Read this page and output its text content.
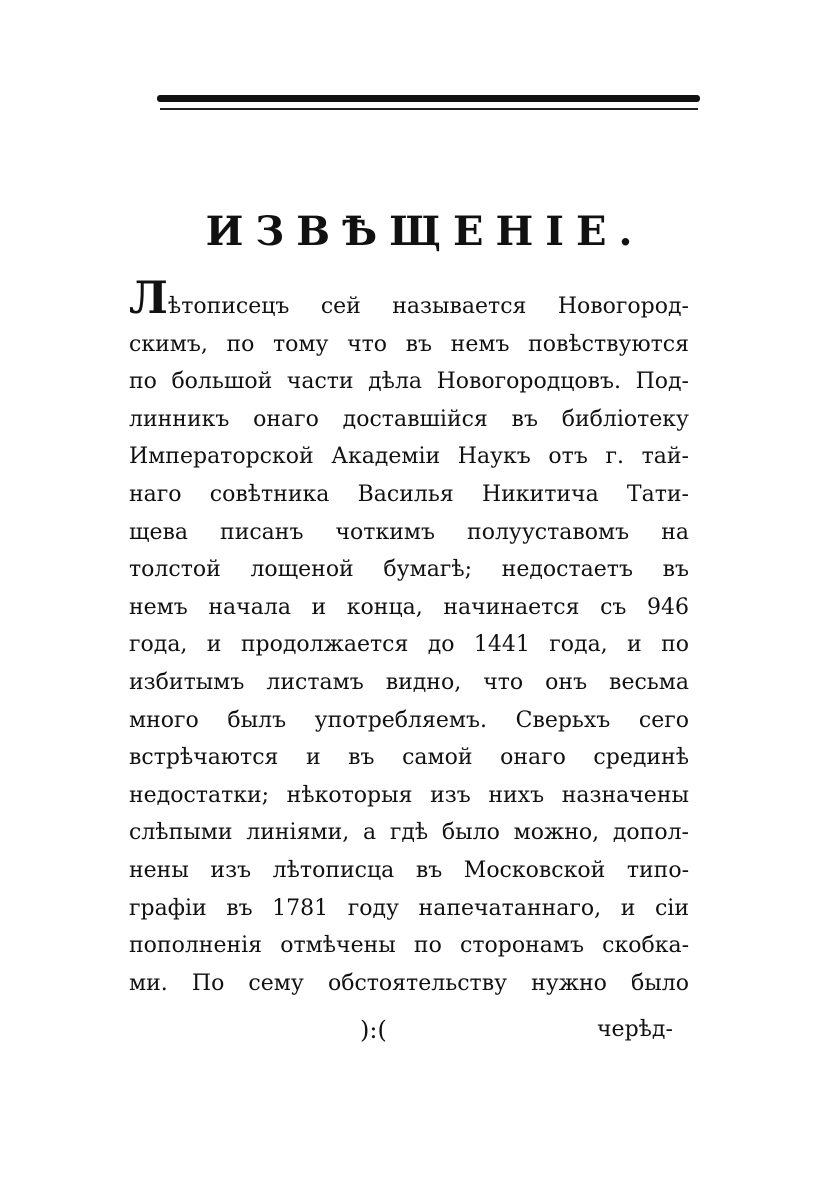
ИЗВѢЩЕНІЕ.
Лѣтописецъ сей называется Новогород-
скимъ, по тому что въ немъ повѣствуются
по большой части дѣла Новогородцовъ. Под-
линникъ онаго доставшійся въ библіотеку
Императорской Академіи Наукъ отъ г. тай-
наго совѣтника Василья Никитича Тати-
щева писанъ чоткимъ полууставомъ на
толстой лощеной бумагѣ; недостаетъ въ
немъ начала и конца, начинается съ 946
года, и продолжается до 1441 года, и по
избитымъ листамъ видно, что онъ весьма
много былъ употребляемъ. Сверьхъ сего
встрѣчаются и въ самой онаго срединѣ
недостатки; нѣкоторыя изъ нихъ назначены
слѣпыми линіями, а гдѣ было можно, допол-
нены изъ лѣтописца въ Московской типо-
графіи въ 1781 году напечатаннаго, и сіи
пополненія отмѣчены по сторонамъ скобка-
ми. По сему обстоятельству нужно было
):(	черѣд-
